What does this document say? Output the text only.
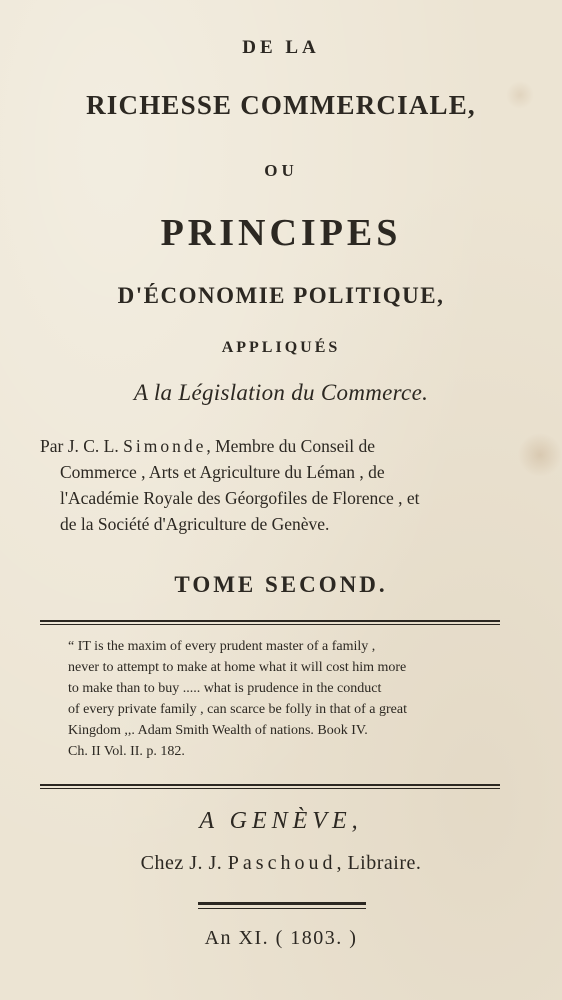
DE LA

RICHESSE COMMERCIALE,

OU

PRINCIPES

D'ÉCONOMIE POLITIQUE,

APPLIQUÉS

A la Législation du Commerce.

Par J. C. L. Simonde, Membre du Conseil de
Commerce , Arts et Agriculture du Léman , de
l'Académie Royale des Géorgofiles de Florence , et
de la Société d'Agriculture de Genève.

TOME SECOND.

“ IT is the maxim of every prudent master of a family ,
never to attempt to make at home what it will cost him more
to make than to buy ..... what is prudence in the conduct
of every private family , can scarce be folly in that of a great
Kingdom ,,. Adam Smith Wealth of nations. Book IV.
Ch. II Vol. II. p. 182.

A GENÈVE,

Chez J. J. Paschoud, Libraire.

An XI. ( 1803. )
